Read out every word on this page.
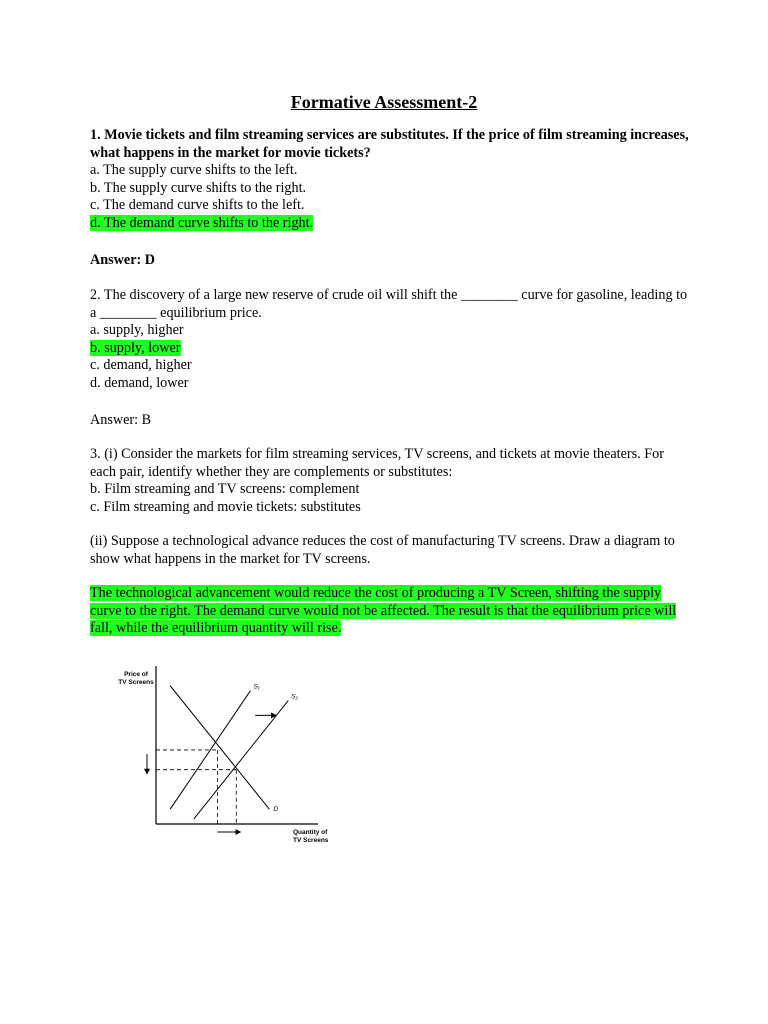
Formative Assessment-2

1. Movie tickets and film streaming services are substitutes. If the price of film streaming increases, what happens in the market for movie tickets?

a. The supply curve shifts to the left.

b. The supply curve shifts to the right.

c. The demand curve shifts to the left.

d. The demand curve shifts to the right.

Answer: D

2. The discovery of a large new reserve of crude oil will shift the ________ curve for gasoline, leading to a ________ equilibrium price.

a. supply, higher

b. supply, lower

c. demand, higher

d. demand, lower

Answer: B

3. (i) Consider the markets for film streaming services, TV screens, and tickets at movie theaters. For each pair, identify whether they are complements or substitutes:

b. Film streaming and TV screens: complement

c. Film streaming and movie tickets: substitutes

(ii) Suppose a technological advance reduces the cost of manufacturing TV screens. Draw a diagram to show what happens in the market for TV screens.
The technological advancement would reduce the cost of producing a TV Screen, shifting the supply curve to the right. The demand curve would not be affected. The result is that the equilibrium price will fall, while the equilibrium quantity will rise.
Price of
TV Screens
Quantity of
TV Screens
S₁
S₂
D
